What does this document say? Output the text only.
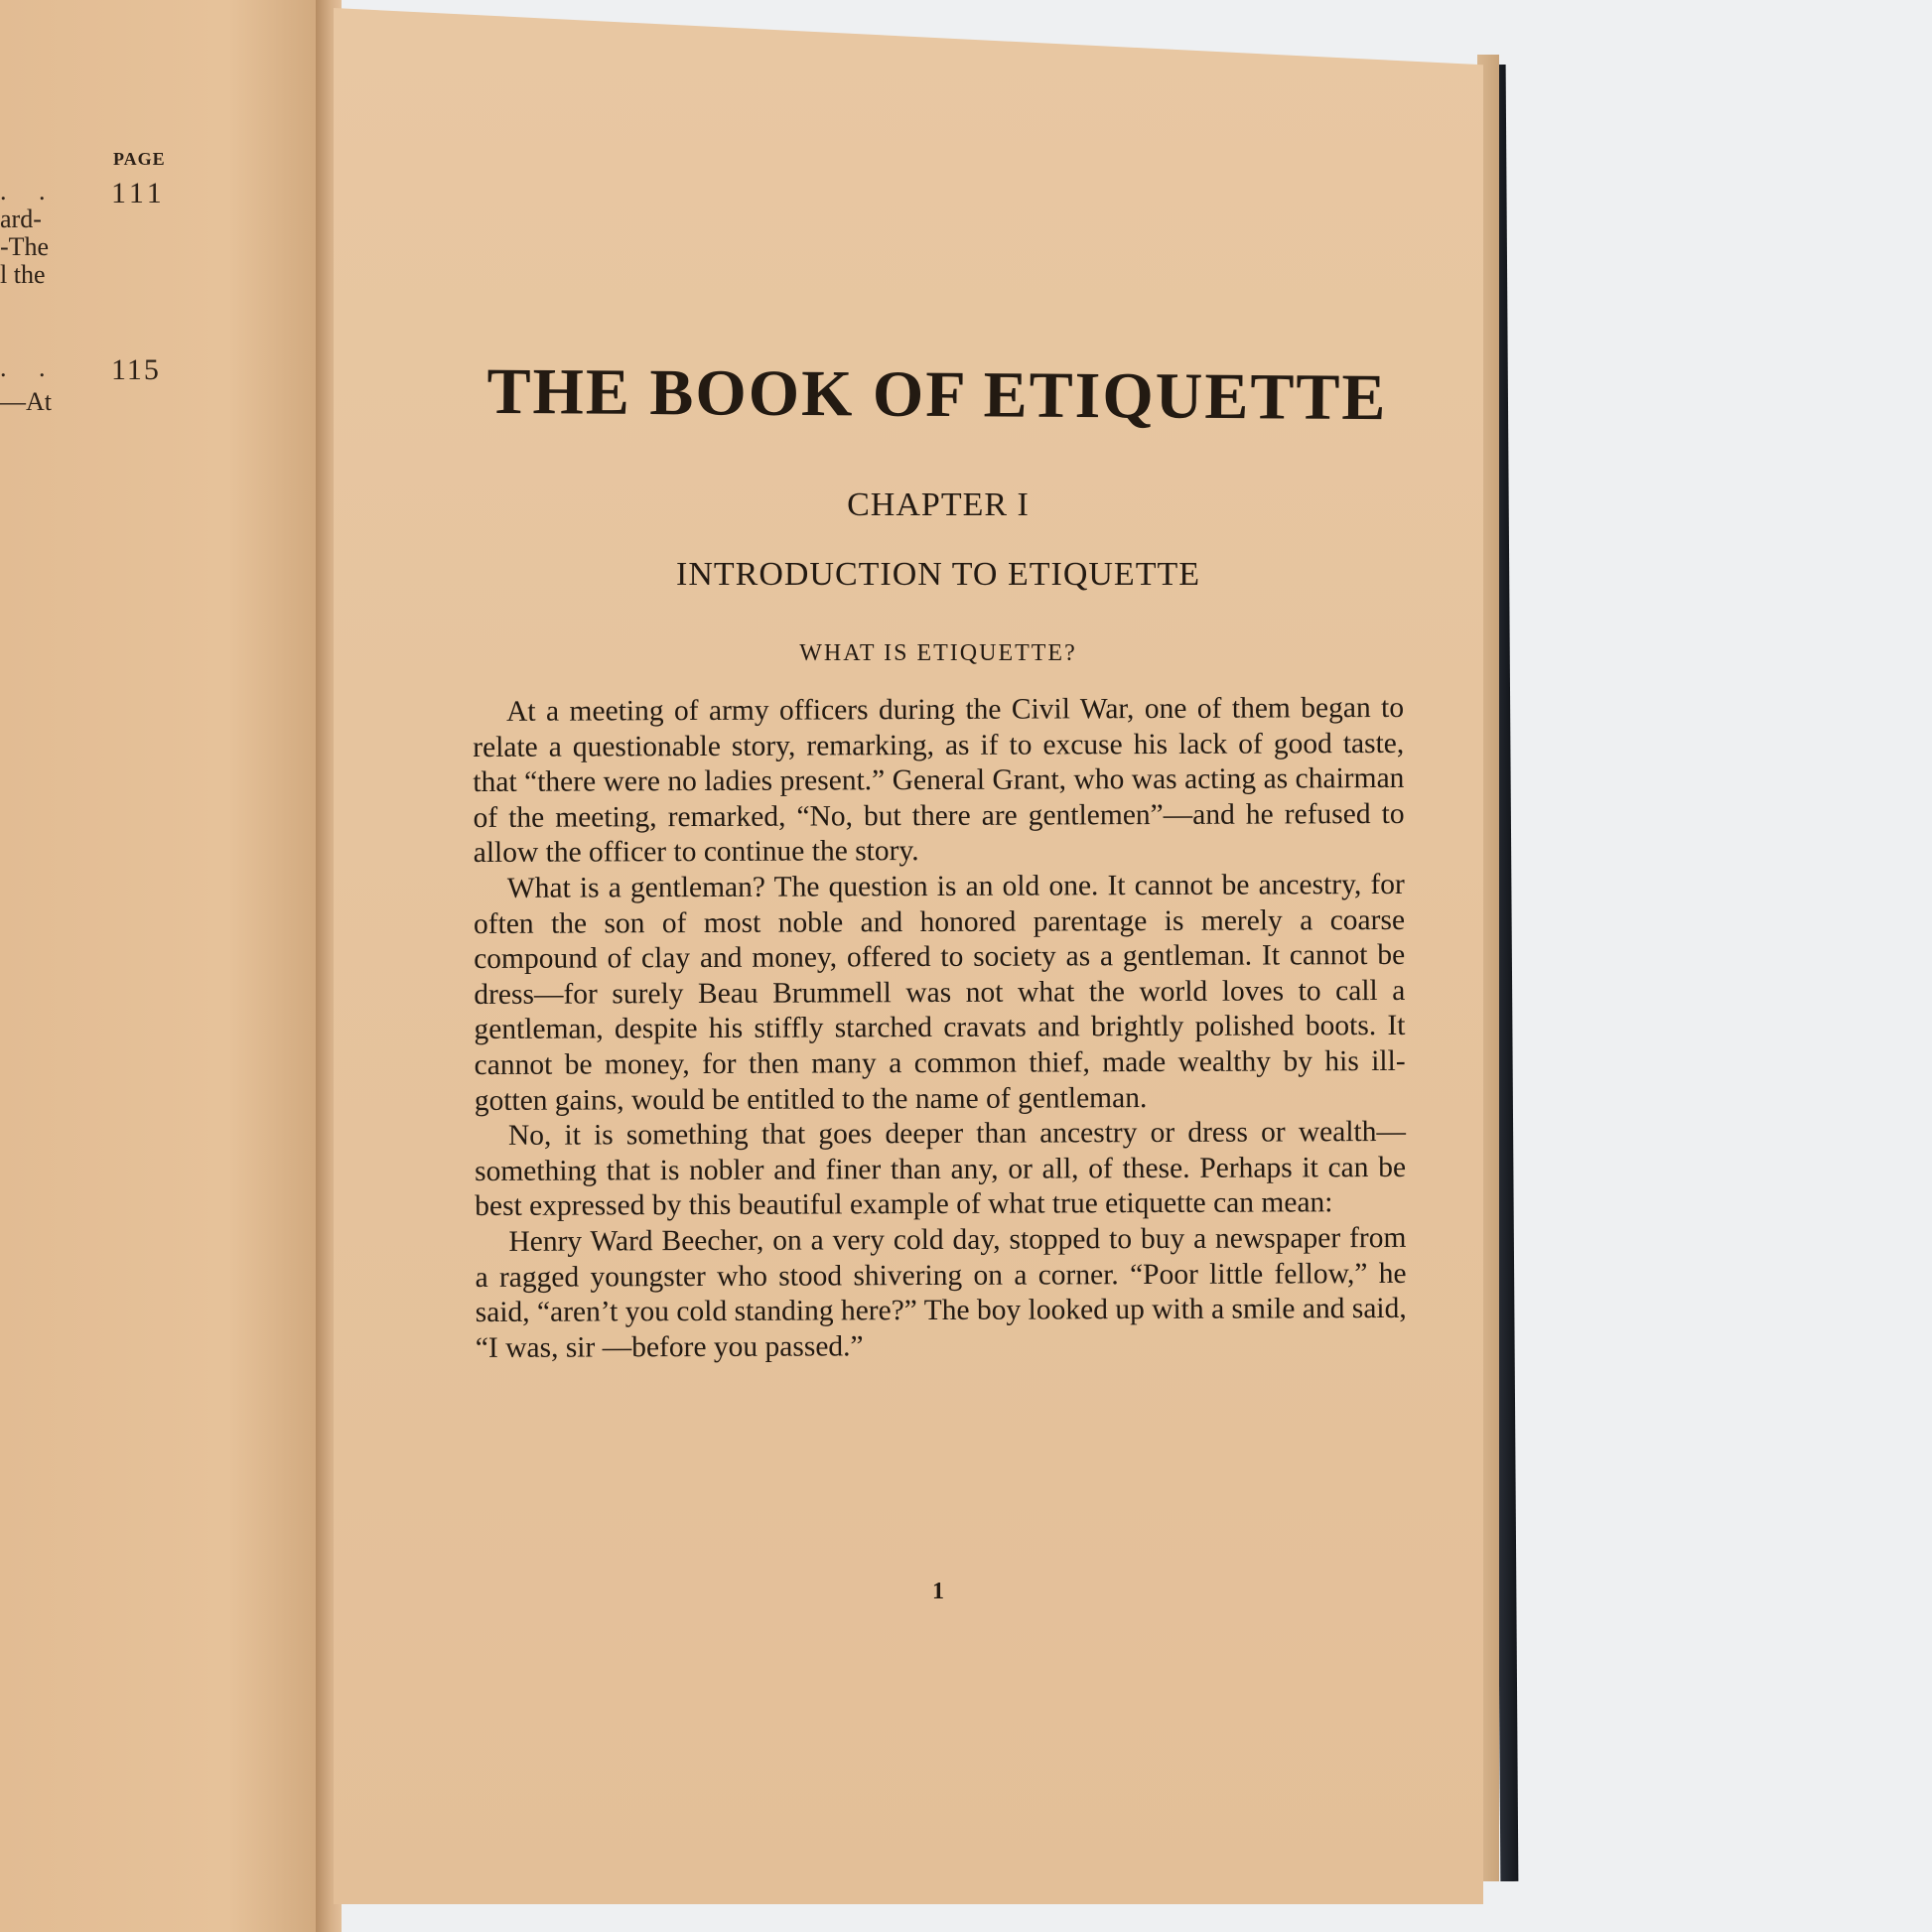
PAGE
.     . 111
ard-
-The
l the
.     . 115
—At	THE BOOK OF ETIQUETTE
CHAPTER I
INTRODUCTION TO ETIQUETTE
WHAT IS ETIQUETTE?

At a meeting of army officers during the Civil War, one of them began to relate a questionable story, remarking, as if to excuse his lack of good taste, that “there were no ladies present.” General Grant, who was acting as chairman of the meeting, remarked, “No, but there are gentlemen”—and he refused to allow the officer to continue the story.

What is a gentleman? The question is an old one. It cannot be ancestry, for often the son of most noble and honored parentage is merely a coarse compound of clay and money, offered to society as a gentleman. It cannot be dress—for surely Beau Brummell was not what the world loves to call a gentleman, despite his stiffly starched cravats and brightly polished boots. It cannot be money, for then many a common thief, made wealthy by his ill-gotten gains, would be entitled to the name of gentleman.

No, it is something that goes deeper than ancestry or dress or wealth—something that is nobler and finer than any, or all, of these. Perhaps it can be best expressed by this beautiful example of what true etiquette can mean:

Henry Ward Beecher, on a very cold day, stopped to buy a newspaper from a ragged youngster who stood shivering on a corner. “Poor little fellow,” he said, “aren’t you cold standing here?” The boy looked up with a smile and said, “I was, sir —before you passed.”

1
